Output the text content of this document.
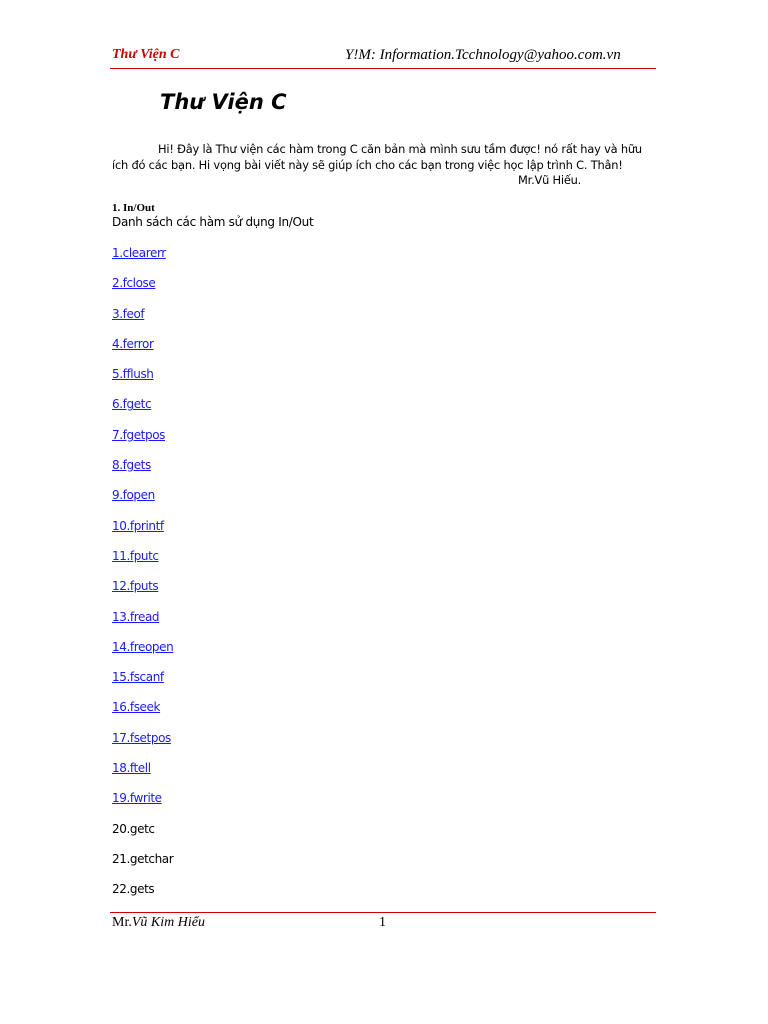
Thư Viện C	Y!M: Information.Tcchnology@yahoo.com.vn
Thư Viện C
Hi! Đây là Thư viện các hàm trong C căn bản mà mình sưu tầm được! nó rất hay và hữu
ích đó các bạn. Hi vọng bài viết này sẽ giúp ích cho các bạn trong việc học lập trình C. Thân!
Mr.Vũ Hiếu.
1. In/Out
Danh sách các hàm sử dụng In/Out
1.clearerr
2.fclose
3.feof
4.ferror
5.fflush
6.fgetc
7.fgetpos
8.fgets
9.fopen
10.fprintf
11.fputc
12.fputs
13.fread
14.freopen
15.fscanf
16.fseek
17.fsetpos
18.ftell
19.fwrite
20.getc
21.getchar
22.gets
Mr.Vũ Kim Hiểu	1
